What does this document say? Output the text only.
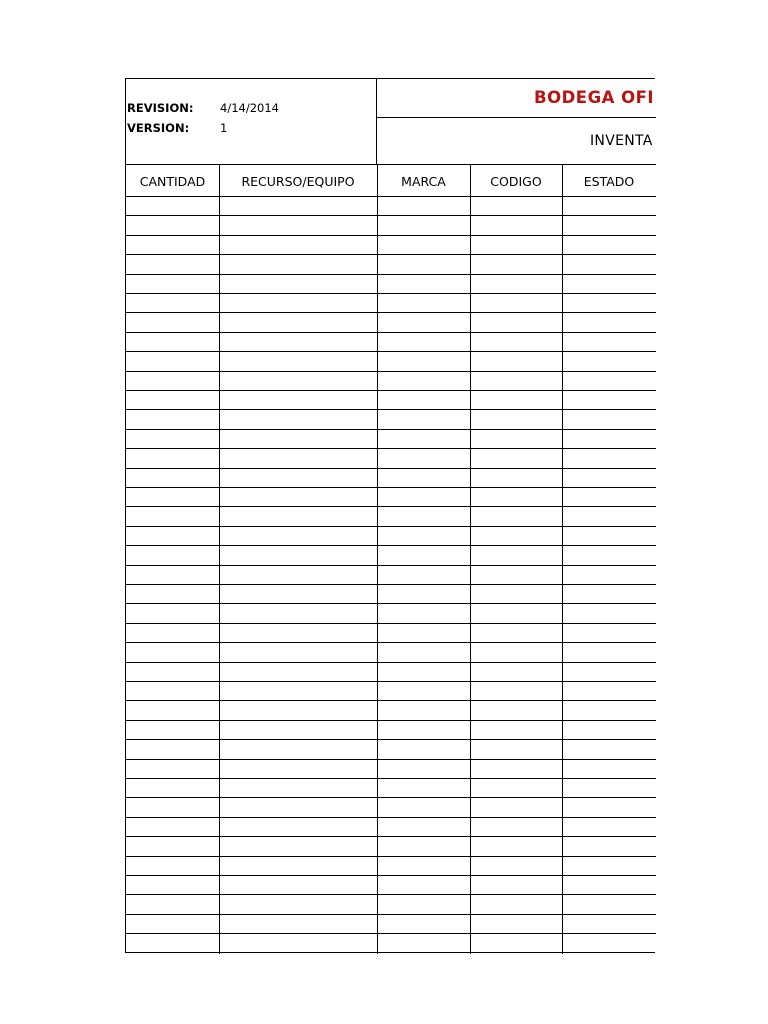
REVISION: 4/14/2014
VERSION:	1
BODEGA OFI
INVENTA
CANTIDAD	RECURSO/EQUIPO	MARCA	CODIGO	ESTADO
